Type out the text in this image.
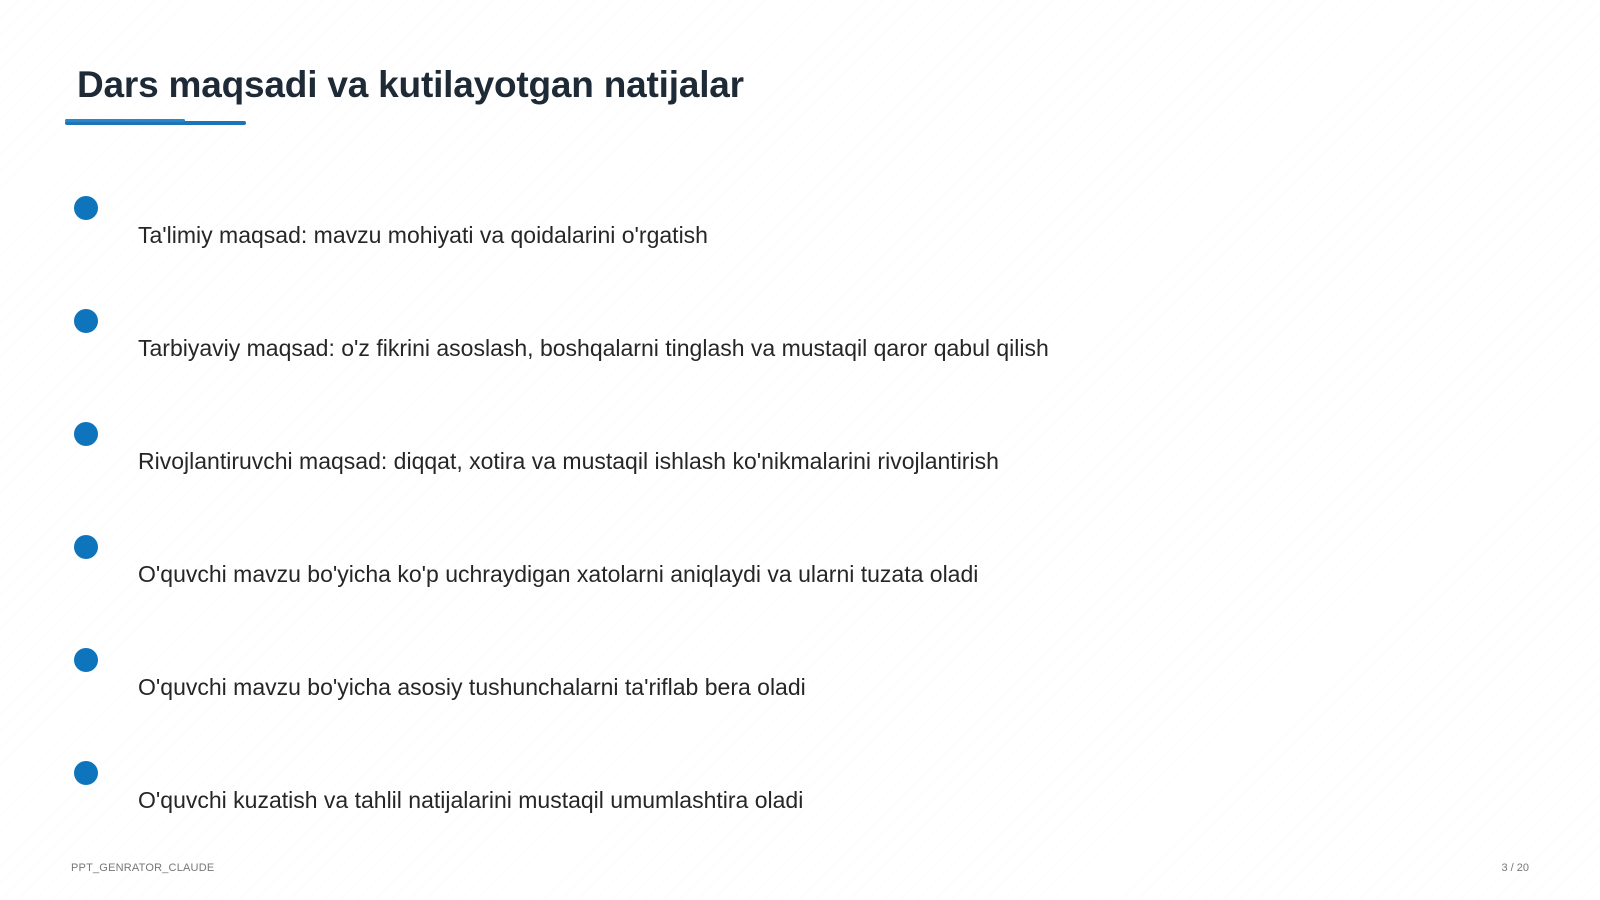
Dars maqsadi va kutilayotgan natijalar
Ta'limiy maqsad: mavzu mohiyati va qoidalarini o'rgatish
Tarbiyaviy maqsad: o'z fikrini asoslash, boshqalarni tinglash va mustaqil qaror qabul qilish
Rivojlantiruvchi maqsad: diqqat, xotira va mustaqil ishlash ko'nikmalarini rivojlantirish
O'quvchi mavzu bo'yicha ko'p uchraydigan xatolarni aniqlaydi va ularni tuzata oladi
O'quvchi mavzu bo'yicha asosiy tushunchalarni ta'riflab bera oladi
O'quvchi kuzatish va tahlil natijalarini mustaqil umumlashtira oladi
PPT_GENRATOR_CLAUDE	3 / 20
